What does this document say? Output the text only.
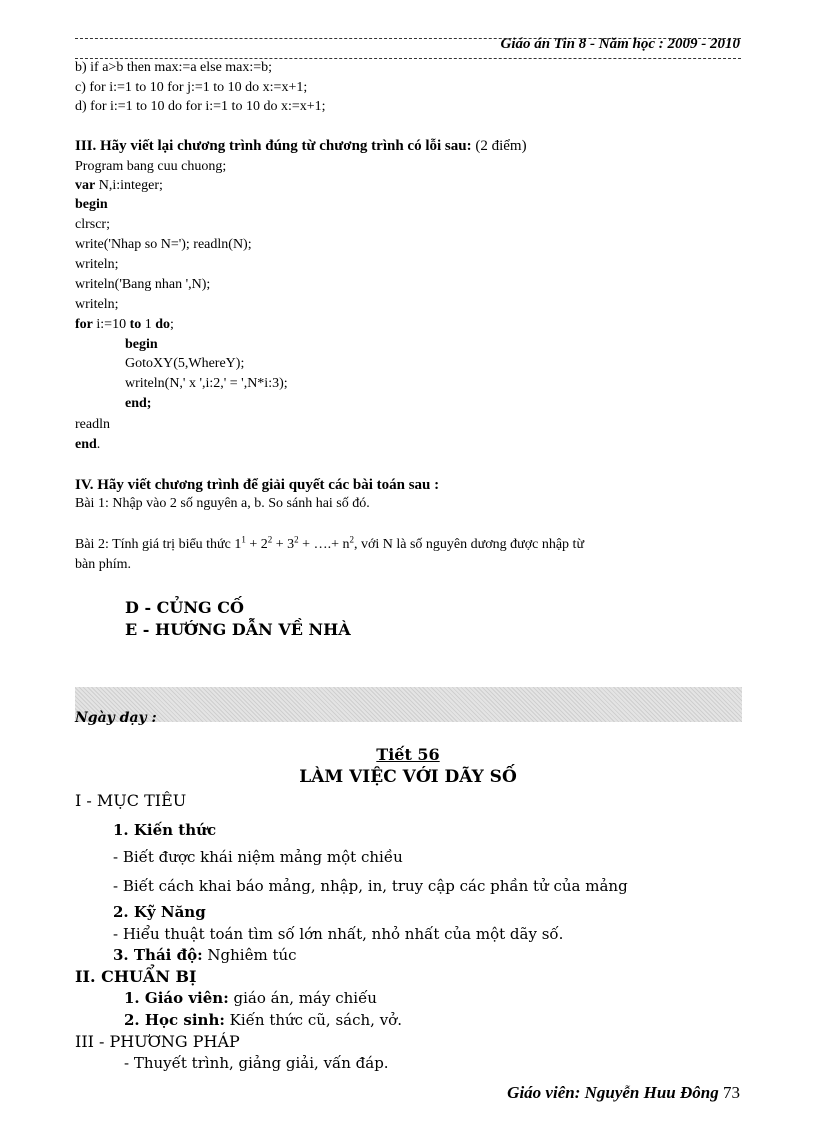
Giáo án Tin 8 - Năm học : 2009 - 2010
b) if a>b then max:=a else max:=b;
c) for i:=1 to 10 for j:=1 to 10 do x:=x+1;
d) for i:=1 to 10 do for i:=1 to 10 do x:=x+1;
III. Hãy viết lại chương trình đúng từ chương trình có lỗi sau: (2 điểm)
Program bang cuu chuong;
var N,i:integer;
begin
clrscr;
write('Nhap so N='); readln(N);
writeln;
writeln('Bang nhan ',N);
writeln;
for i:=10 to 1 do;
begin
GotoXY(5,WhereY);
writeln(N,' x ',i:2,' = ',N*i:3);
end;
readln
end.
IV. Hãy viết chương trình để giải quyết các bài toán sau :
Bài 1: Nhập vào 2 số nguyên a, b. So sánh hai số đó.
Bài 2: Tính giá trị biểu thức $1^1 + 2^2 + 3^2$ + ….+ $n^2$, với N là số nguyên dương được nhập từ
bàn phím.
D - CỦNG CỐ
E - HƯỚNG DẪN VỀ NHÀ
Ngày dạy :
Tiết 56
LÀM VIỆC VỚI DÃY SỐ
I - MỤC TIÊU
1. Kiến thức
- Biết được khái niệm mảng một chiều
- Biết cách khai báo mảng, nhập, in, truy cập các phần tử của mảng
2. Kỹ Năng
- Hiểu thuật toán tìm số lớn nhất, nhỏ nhất của một dãy số.
3. Thái độ: Nghiêm túc
II. CHUẨN BỊ
1. Giáo viên: giáo án, máy chiếu
2. Học sinh: Kiến thức cũ, sách, vở.
III - PHƯƠNG PHÁP
- Thuyết trình, giảng giải, vấn đáp.
Giáo viên: Nguyễn Huu Đông 73
